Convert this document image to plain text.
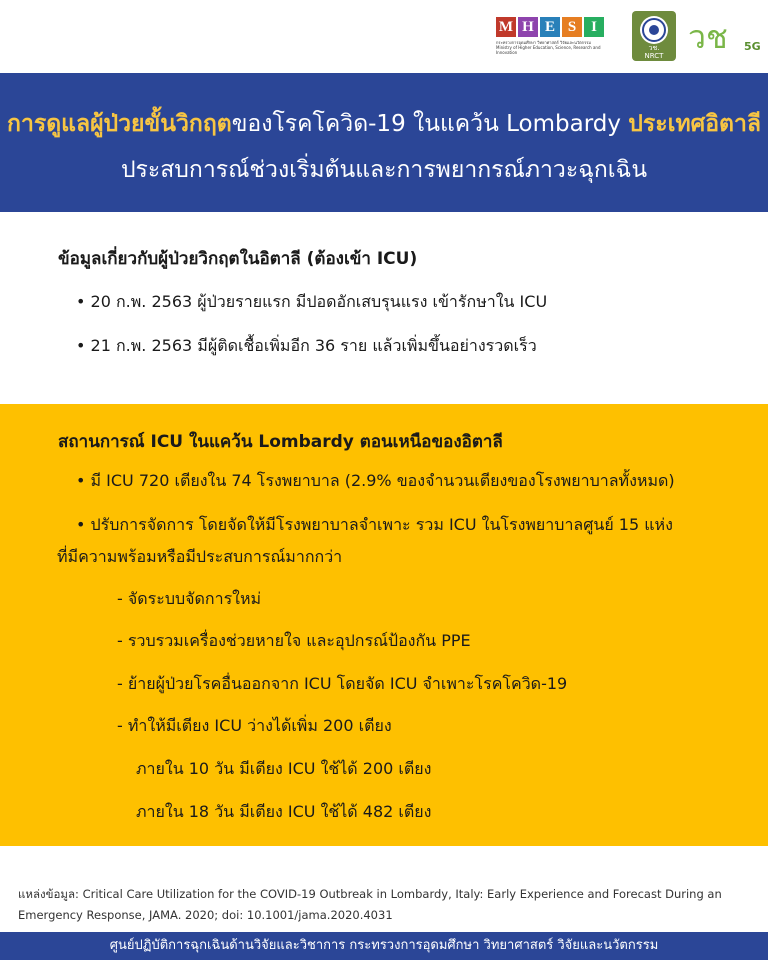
M H E S I
กระทรวงการอุดมศึกษา วิทยาศาสตร์ วิจัยและนวัตกรรม
Ministry of Higher Education, Science, Research and Innovation
วช.
NRCT วช 5G
การดูแลผู้ป่วยขั้นวิกฤตของโรคโควิด-19 ในแคว้น Lombardy ประเทศอิตาลี
ประสบการณ์ช่วงเริ่มต้นและการพยากรณ์ภาวะฉุกเฉิน
ข้อมูลเกี่ยวกับผู้ป่วยวิกฤตในอิตาลี (ต้องเข้า ICU)
• 20 ก.พ. 2563 ผู้ป่วยรายแรก มีปอดอักเสบรุนแรง เข้ารักษาใน ICU
• 21 ก.พ. 2563 มีผู้ติดเชื้อเพิ่มอีก 36 ราย แล้วเพิ่มขึ้นอย่างรวดเร็ว
สถานการณ์ ICU ในแคว้น Lombardy ตอนเหนือของอิตาลี
• มี ICU 720 เตียงใน 74 โรงพยาบาล (2.9% ของจำนวนเตียงของโรงพยาบาลทั้งหมด)
• ปรับการจัดการ โดยจัดให้มีโรงพยาบาลจำเพาะ รวม ICU ในโรงพยาบาลศูนย์ 15 แห่ง
ที่มีความพร้อมหรือมีประสบการณ์มากกว่า
- จัดระบบจัดการใหม่
- รวบรวมเครื่องช่วยหายใจ และอุปกรณ์ป้องกัน PPE
- ย้ายผู้ป่วยโรคอื่นออกจาก ICU โดยจัด ICU จำเพาะโรคโควิด-19
- ทำให้มีเตียง ICU ว่างได้เพิ่ม 200 เตียง
ภายใน 10 วัน มีเตียง ICU ใช้ได้ 200 เตียง
ภายใน 18 วัน มีเตียง ICU ใช้ได้ 482 เตียง
แหล่งข้อมูล: Critical Care Utilization for the COVID-19 Outbreak in Lombardy, Italy: Early Experience and Forecast During an Emergency Response, JAMA. 2020; doi: 10.1001/jama.2020.4031
ศูนย์ปฏิบัติการฉุกเฉินด้านวิจัยและวิชาการ กระทรวงการอุดมศึกษา วิทยาศาสตร์ วิจัยและนวัตกรรม
